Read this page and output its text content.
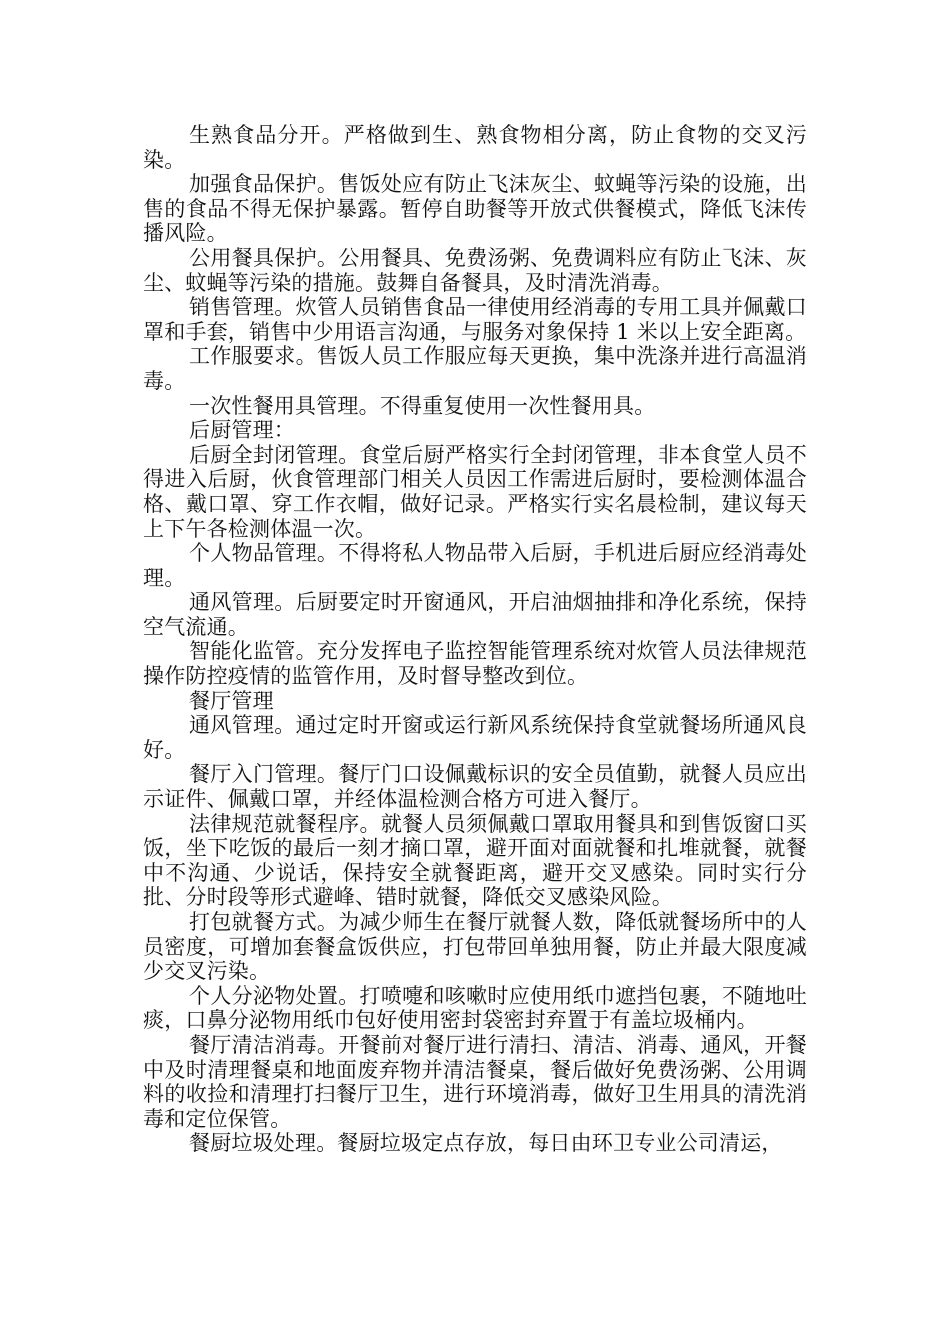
生熟食品分开。严格做到生、熟食物相分离，防止食物的交叉污染。

加强食品保护。售饭处应有防止飞沫灰尘、蚊蝇等污染的设施，出售的食品不得无保护暴露。暂停自助餐等开放式供餐模式，降低飞沫传播风险。

公用餐具保护。公用餐具、免费汤粥、免费调料应有防止飞沫、灰尘、蚊蝇等污染的措施。鼓舞自备餐具，及时清洗消毒。

销售管理。炊管人员销售食品一律使用经消毒的专用工具并佩戴口罩和手套，销售中少用语言沟通，与服务对象保持 1 米以上安全距离。

工作服要求。售饭人员工作服应每天更换，集中洗涤并进行高温消毒。

一次性餐用具管理。不得重复使用一次性餐用具。

后厨管理：

后厨全封闭管理。食堂后厨严格实行全封闭管理，非本食堂人员不得进入后厨，伙食管理部门相关人员因工作需进后厨时，要检测体温合格、戴口罩、穿工作衣帽，做好记录。严格实行实名晨检制，建议每天上下午各检测体温一次。

个人物品管理。不得将私人物品带入后厨，手机进后厨应经消毒处理。

通风管理。后厨要定时开窗通风，开启油烟抽排和净化系统，保持空气流通。

智能化监管。充分发挥电子监控智能管理系统对炊管人员法律规范操作防控疫情的监管作用，及时督导整改到位。

餐厅管理

通风管理。通过定时开窗或运行新风系统保持食堂就餐场所通风良好。

餐厅入门管理。餐厅门口设佩戴标识的安全员值勤，就餐人员应出示证件、佩戴口罩，并经体温检测合格方可进入餐厅。

法律规范就餐程序。就餐人员须佩戴口罩取用餐具和到售饭窗口买饭，坐下吃饭的最后一刻才摘口罩，避开面对面就餐和扎堆就餐，就餐中不沟通、少说话，保持安全就餐距离，避开交叉感染。同时实行分批、分时段等形式避峰、错时就餐，降低交叉感染风险。

打包就餐方式。为减少师生在餐厅就餐人数，降低就餐场所中的人员密度，可增加套餐盒饭供应，打包带回单独用餐，防止并最大限度减少交叉污染。

个人分泌物处置。打喷嚏和咳嗽时应使用纸巾遮挡包裹，不随地吐痰，口鼻分泌物用纸巾包好使用密封袋密封弃置于有盖垃圾桶内。

餐厅清洁消毒。开餐前对餐厅进行清扫、清洁、消毒、通风，开餐中及时清理餐桌和地面废弃物并清洁餐桌，餐后做好免费汤粥、公用调料的收捡和清理打扫餐厅卫生，进行环境消毒，做好卫生用具的清洗消毒和定位保管。

餐厨垃圾处理。餐厨垃圾定点存放，每日由环卫专业公司清运，
